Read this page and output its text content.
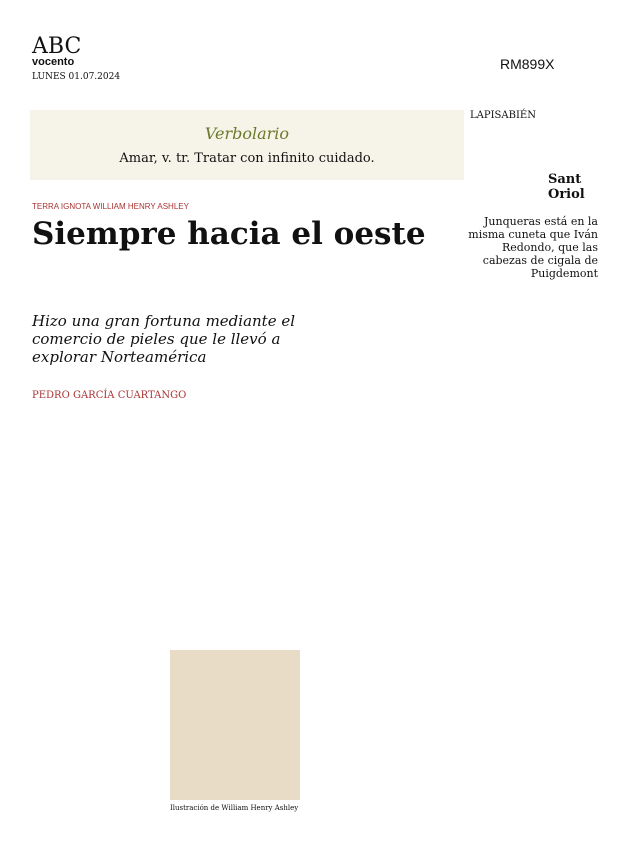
ABC
vocento
LUNES 01.07.2024
RM899X
Verbolario
Amar, v. tr. Tratar con infinito cuidado.
TERRA IGNOTA WILLIAM HENRY ASHLEY
Siempre hacia el oeste
Hizo una gran fortuna mediante el comercio de pieles que le llevó a explorar Norteamérica
PEDRO GARCÍA CUARTANGO
Ilustración de William Henry Ashley
LAPISABIÉN
Sant Oriol
Junqueras está en la misma cuneta que Iván Redondo, que las cabezas de cigala de Puigdemont
